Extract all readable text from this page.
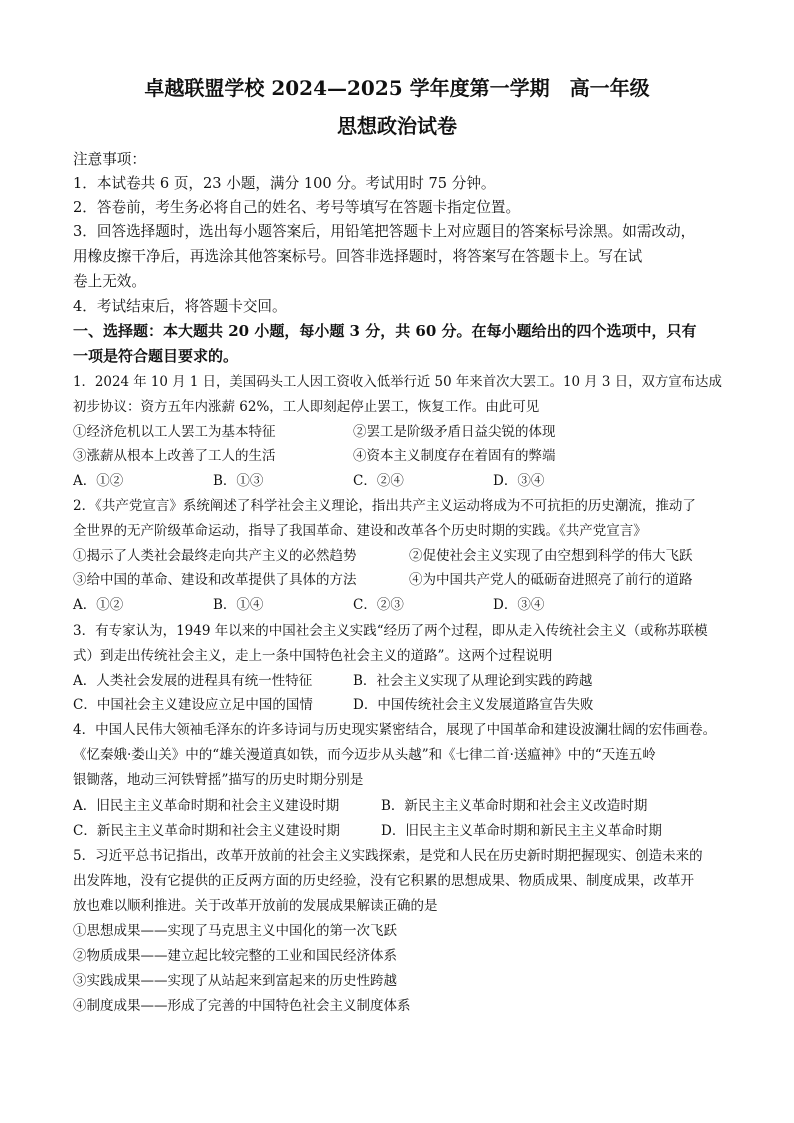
卓越联盟学校 2024—2025 学年度第一学期　高一年级
思想政治试卷
注意事项：
1．本试卷共 6 页，23 小题，满分 100 分。考试用时 75 分钟。
2．答卷前，考生务必将自己的姓名、考号等填写在答题卡指定位置。
3．回答选择题时，选出每小题答案后，用铅笔把答题卡上对应题目的答案标号涂黑。如需改动，
用橡皮擦干净后，再选涂其他答案标号。回答非选择题时，将答案写在答题卡上。写在试
卷上无效。
4．考试结束后，将答题卡交回。
一、选择题：本大题共 20 小题，每小题 3 分，共 60 分。在每小题给出的四个选项中，只有
一项是符合题目要求的。
1．2024 年 10 月 1 日，美国码头工人因工资收入低举行近 50 年来首次大罢工。10 月 3 日，双方宣布达成
初步协议：资方五年内涨薪 62%，工人即刻起停止罢工，恢复工作。由此可见
①经济危机以工人罢工为基本特征	②罢工是阶级矛盾日益尖锐的体现
③涨薪从根本上改善了工人的生活	④资本主义制度存在着固有的弊端
A．①②	B．①③	C．②④	D．③④
2．《共产党宣言》系统阐述了科学社会主义理论，指出共产主义运动将成为不可抗拒的历史潮流，推动了
全世界的无产阶级革命运动，指导了我国革命、建设和改革各个历史时期的实践。《共产党宣言》
①揭示了人类社会最终走向共产主义的必然趋势	②促使社会主义实现了由空想到科学的伟大飞跃
③给中国的革命、建设和改革提供了具体的方法	④为中国共产党人的砥砺奋进照亮了前行的道路
A．①②	B．①④	C．②③	D．③④
3．有专家认为，1949 年以来的中国社会主义实践“经历了两个过程，即从走入传统社会主义（或称苏联模
式）到走出传统社会主义，走上一条中国特色社会主义的道路”。这两个过程说明
A．人类社会发展的进程具有统一性特征	B．社会主义实现了从理论到实践的跨越
C．中国社会主义建设应立足中国的国情	D．中国传统社会主义发展道路宣告失败
4．中国人民伟大领袖毛泽东的许多诗词与历史现实紧密结合，展现了中国革命和建设波澜壮阔的宏伟画卷。
《忆秦娥·娄山关》中的“雄关漫道真如铁，而今迈步从头越”和《七律二首·送瘟神》中的“天连五岭
银锄落，地动三河铁臂摇”描写的历史时期分别是
A．旧民主主义革命时期和社会主义建设时期	B．新民主主义革命时期和社会主义改造时期
C．新民主主义革命时期和社会主义建设时期	D．旧民主主义革命时期和新民主主义革命时期
5．习近平总书记指出，改革开放前的社会主义实践探索，是党和人民在历史新时期把握现实、创造未来的
出发阵地，没有它提供的正反两方面的历史经验，没有它积累的思想成果、物质成果、制度成果，改革开
放也难以顺利推进。关于改革开放前的发展成果解读正确的是
①思想成果——实现了马克思主义中国化的第一次飞跃
②物质成果——建立起比较完整的工业和国民经济体系
③实践成果——实现了从站起来到富起来的历史性跨越
④制度成果——形成了完善的中国特色社会主义制度体系
